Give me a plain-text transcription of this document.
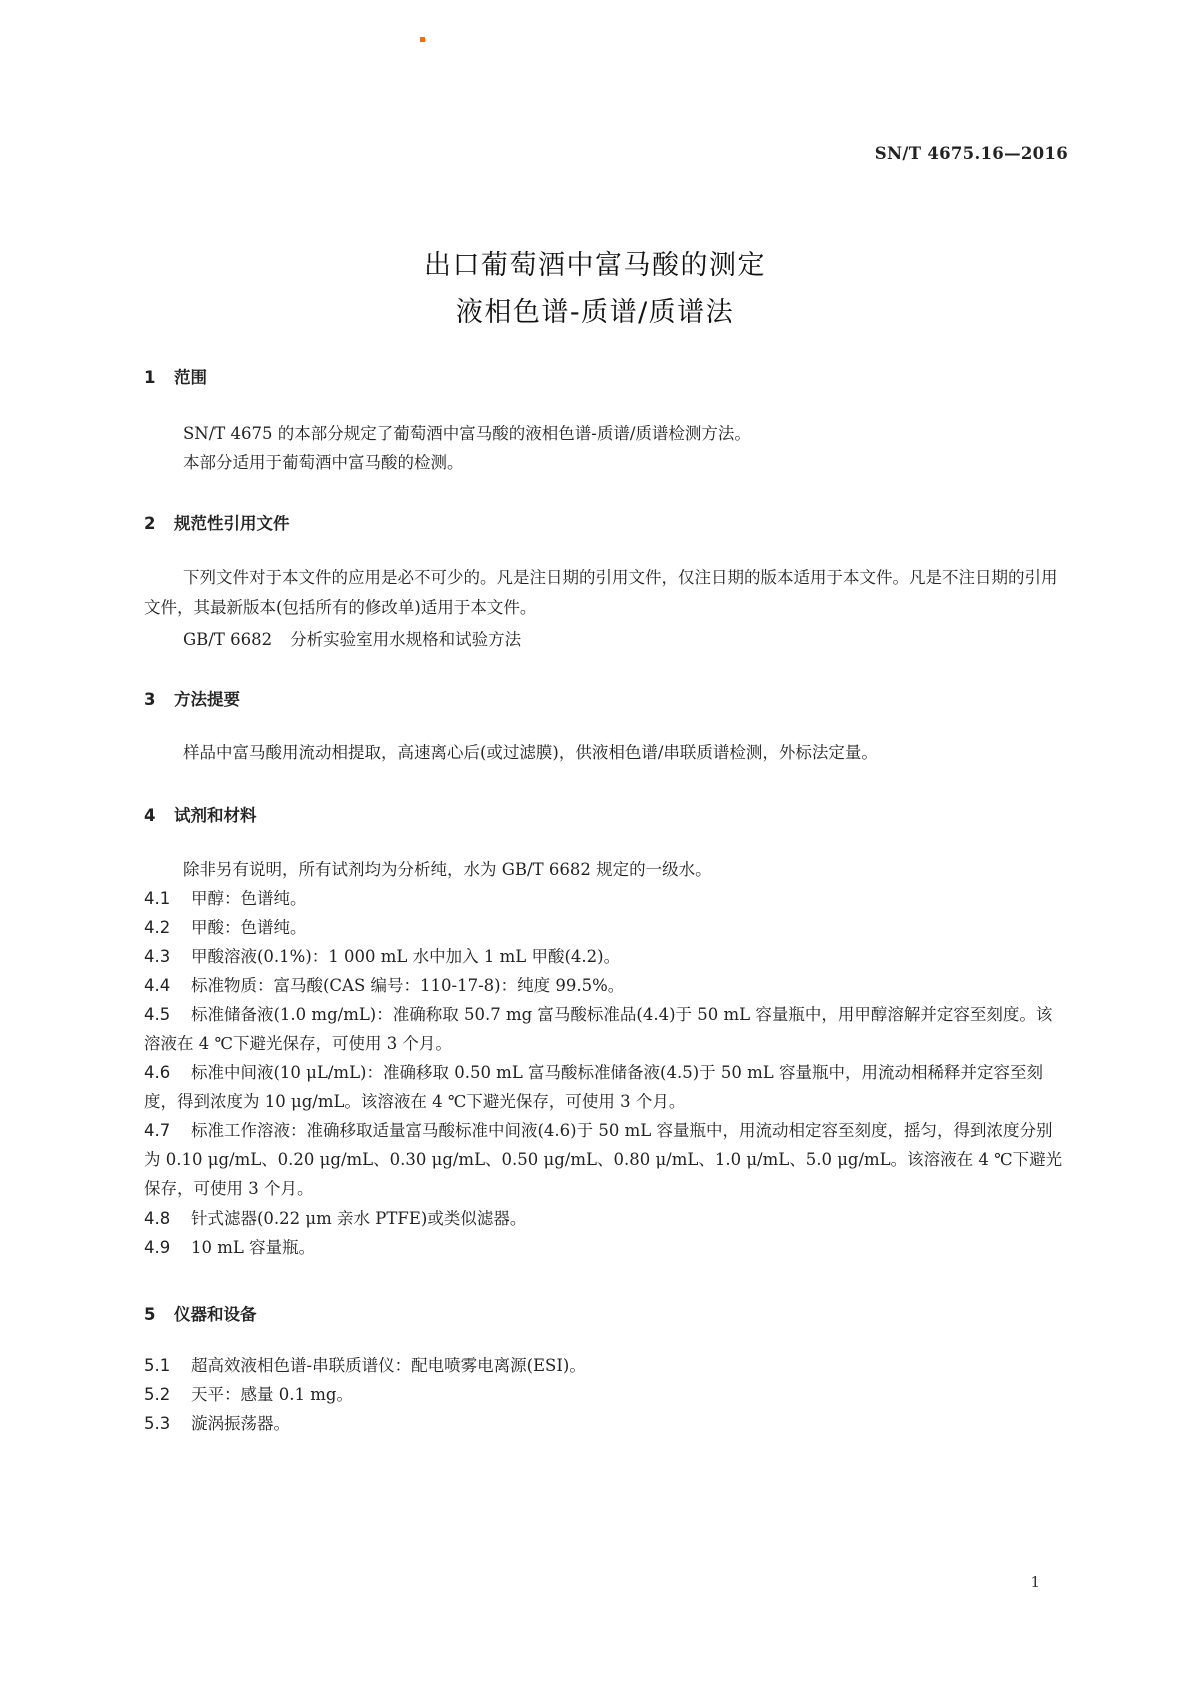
SN/T 4675.16—2016
出口葡萄酒中富马酸的测定
液相色谱-质谱/质谱法
1 范围
SN/T 4675 的本部分规定了葡萄酒中富马酸的液相色谱-质谱/质谱检测方法。
本部分适用于葡萄酒中富马酸的检测。
2 规范性引用文件
下列文件对于本文件的应用是必不可少的。凡是注日期的引用文件，仅注日期的版本适用于本文件。凡是不注日期的引用文件，其最新版本(包括所有的修改单)适用于本文件。
GB/T 6682 分析实验室用水规格和试验方法
3 方法提要
样品中富马酸用流动相提取，高速离心后(或过滤膜)，供液相色谱/串联质谱检测，外标法定量。
4 试剂和材料
除非另有说明，所有试剂均为分析纯，水为 GB/T 6682 规定的一级水。
4.1 甲醇：色谱纯。
4.2 甲酸：色谱纯。
4.3 甲酸溶液(0.1%)：1 000 mL 水中加入 1 mL 甲酸(4.2)。
4.4 标准物质：富马酸(CAS 编号：110-17-8)：纯度 99.5%。
4.5 标准储备液(1.0 mg/mL)：准确称取 50.7 mg 富马酸标准品(4.4)于 50 mL 容量瓶中，用甲醇溶解并定容至刻度。该溶液在 4 ℃下避光保存，可使用 3 个月。
4.6 标准中间液(10 μL/mL)：准确移取 0.50 mL 富马酸标准储备液(4.5)于 50 mL 容量瓶中，用流动相稀释并定容至刻度，得到浓度为 10 μg/mL。该溶液在 4 ℃下避光保存，可使用 3 个月。
4.7 标准工作溶液：准确移取适量富马酸标准中间液(4.6)于 50 mL 容量瓶中，用流动相定容至刻度，摇匀，得到浓度分别为 0.10 μg/mL、0.20 μg/mL、0.30 μg/mL、0.50 μg/mL、0.80 μ/mL、1.0 μ/mL、5.0 μg/mL。该溶液在 4 ℃下避光保存，可使用 3 个月。
4.8 针式滤器(0.22 μm 亲水 PTFE)或类似滤器。
4.9 10 mL 容量瓶。
5 仪器和设备
5.1 超高效液相色谱-串联质谱仪：配电喷雾电离源(ESI)。
5.2 天平：感量 0.1 mg。
5.3 漩涡振荡器。
1
